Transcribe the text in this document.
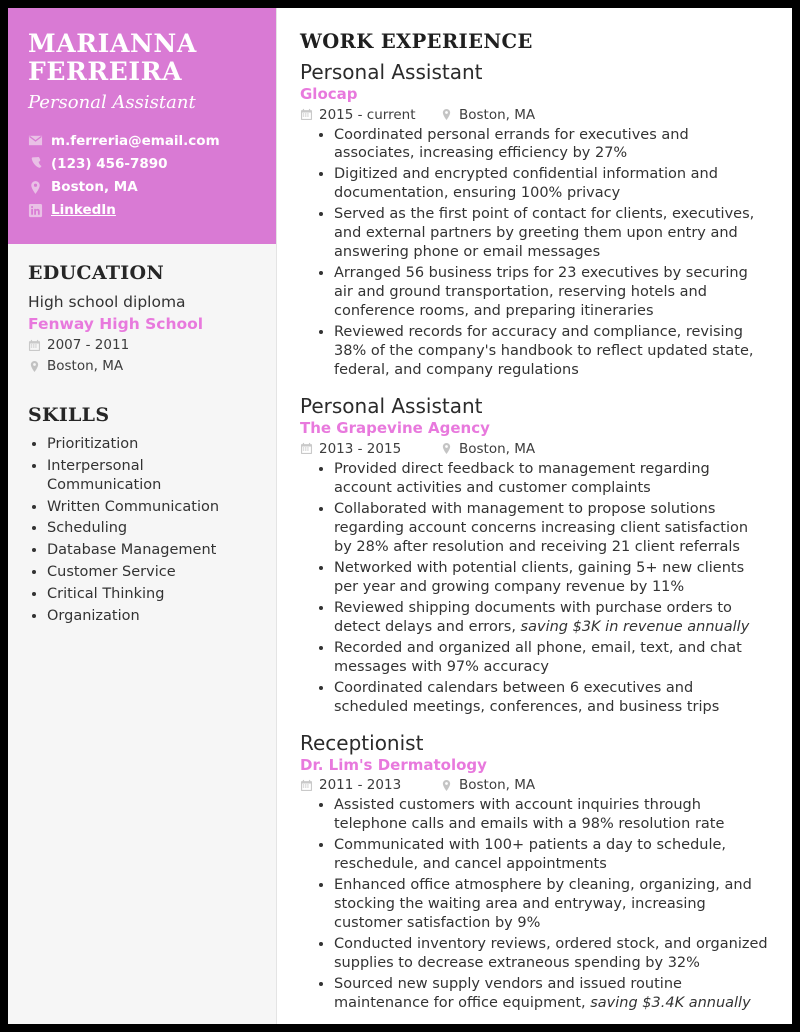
MARIANNA FERREIRA
Personal Assistant
m.ferreria@email.com
(123) 456-7890
Boston, MA
LinkedIn
EDUCATION
High school diploma
Fenway High School
2007 - 2011
Boston, MA
SKILLS
• Prioritization
• Interpersonal Communication
• Written Communication
• Scheduling
• Database Management
• Customer Service
• Critical Thinking
• Organization
WORK EXPERIENCE
Personal Assistant
Glocap
2015 - current	Boston, MA
• Coordinated personal errands for executives and associates, increasing efficiency by 27%
• Digitized and encrypted confidential information and documentation, ensuring 100% privacy
• Served as the first point of contact for clients, executives, and external partners by greeting them upon entry and answering phone or email messages
• Arranged 56 business trips for 23 executives by securing air and ground transportation, reserving hotels and conference rooms, and preparing itineraries
• Reviewed records for accuracy and compliance, revising 38% of the company's handbook to reflect updated state, federal, and company regulations
Personal Assistant
The Grapevine Agency
2013 - 2015	Boston, MA
• Provided direct feedback to management regarding account activities and customer complaints
• Collaborated with management to propose solutions regarding account concerns increasing client satisfaction by 28% after resolution and receiving 21 client referrals
• Networked with potential clients, gaining 5+ new clients per year and growing company revenue by 11%
• Reviewed shipping documents with purchase orders to detect delays and errors, saving $3K in revenue annually
• Recorded and organized all phone, email, text, and chat messages with 97% accuracy
• Coordinated calendars between 6 executives and scheduled meetings, conferences, and business trips
Receptionist
Dr. Lim's Dermatology
2011 - 2013	Boston, MA
• Assisted customers with account inquiries through telephone calls and emails with a 98% resolution rate
• Communicated with 100+ patients a day to schedule, reschedule, and cancel appointments
• Enhanced office atmosphere by cleaning, organizing, and stocking the waiting area and entryway, increasing customer satisfaction by 9%
• Conducted inventory reviews, ordered stock, and organized supplies to decrease extraneous spending by 32%
• Sourced new supply vendors and issued routine maintenance for office equipment, saving $3.4K annually
